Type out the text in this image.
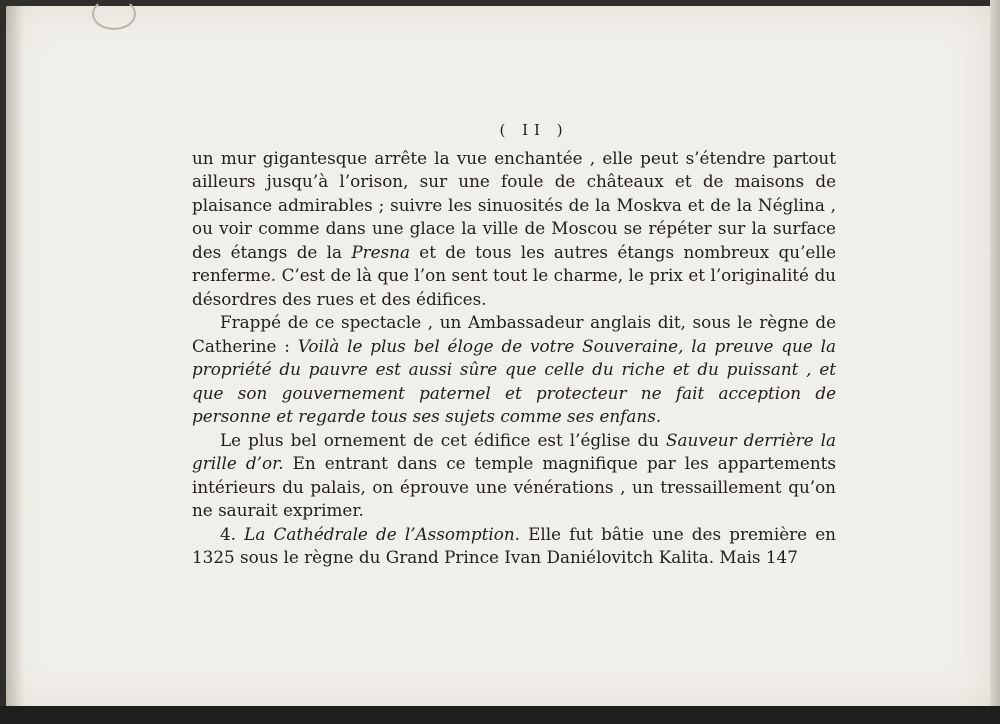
( II )

un mur gigantesque arrête la vue enchantée , elle peut s’étendre partout ailleurs jusqu’à l’orison, sur une foule de châteaux et de maisons de plaisance admirables ; suivre les sinuosités de la Moskva et de la Néglina , ou voir comme dans une glace la ville de Moscou se répéter sur la surface des étangs de la Presna et de tous les autres étangs nombreux qu’elle renferme. C’est de là que l’on sent tout le charme, le prix et l’originalité du désordres des rues et des édifices.

Frappé de ce spectacle , un Ambassadeur anglais dit, sous le règne de Catherine : Voilà le plus bel éloge de votre Souveraine, la preuve que la propriété du pauvre est aussi sûre que celle du riche et du puissant , et que son gouvernement paternel et protecteur ne fait acception de personne et regarde tous ses sujets comme ses enfans.

Le plus bel ornement de cet édifice est l’église du Sauveur derrière la grille d’or. En entrant dans ce temple magnifique par les appartements intérieurs du palais, on éprouve une vénérations , un tressaillement qu’on ne saurait exprimer.

4. La Cathédrale de l’Assomption. Elle fut bâtie une des première en 1325 sous le règne du Grand Prince Ivan Daniélovitch Kalita. Mais 147
